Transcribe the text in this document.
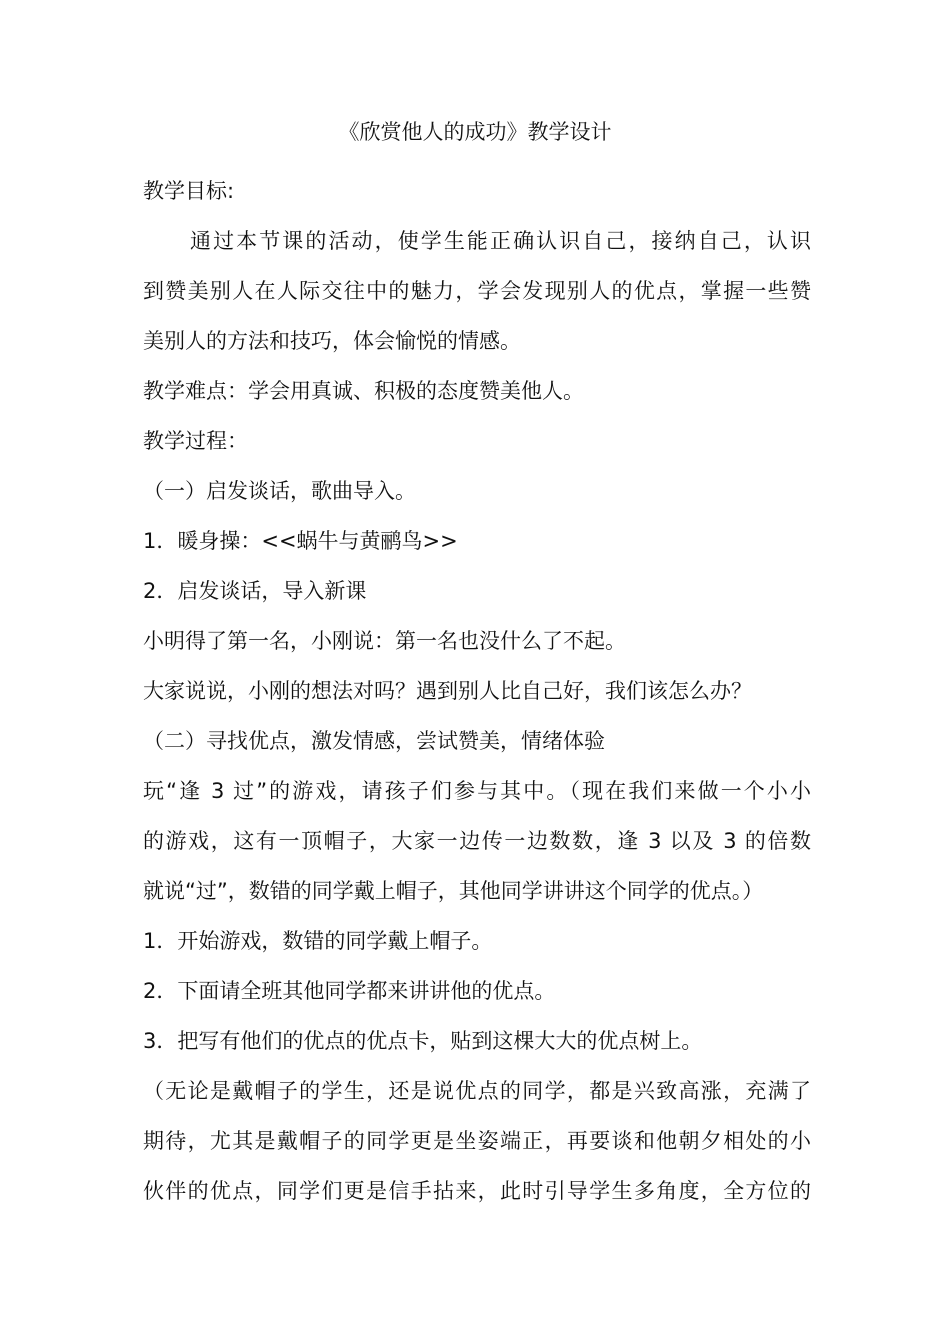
《欣赏他人的成功》教学设计

教学目标:

通过本节课的活动，使学生能正确认识自己，接纳自己，认识

到赞美别人在人际交往中的魅力，学会发现别人的优点，掌握一些赞

美别人的方法和技巧，体会愉悦的情感。

教学难点：学会用真诚、积极的态度赞美他人。

教学过程：

（一）启发谈话，歌曲导入。

1．暖身操：<<蜗牛与黄鹂鸟>>

2．启发谈话，导入新课

小明得了第一名，小刚说：第一名也没什么了不起。

大家说说，小刚的想法对吗？遇到别人比自己好，我们该怎么办？

（二）寻找优点，激发情感，尝试赞美，情绪体验

玩“逢 3 过”的游戏，请孩子们参与其中。（现在我们来做一个小小

的游戏，这有一顶帽子，大家一边传一边数数，逢 3 以及 3 的倍数

就说“过”，数错的同学戴上帽子，其他同学讲讲这个同学的优点。）

1．开始游戏，数错的同学戴上帽子。

2．下面请全班其他同学都来讲讲他的优点。

3．把写有他们的优点的优点卡，贴到这棵大大的优点树上。

（无论是戴帽子的学生，还是说优点的同学，都是兴致高涨，充满了

期待，尤其是戴帽子的同学更是坐姿端正，再要谈和他朝夕相处的小

伙伴的优点，同学们更是信手拈来，此时引导学生多角度，全方位的
